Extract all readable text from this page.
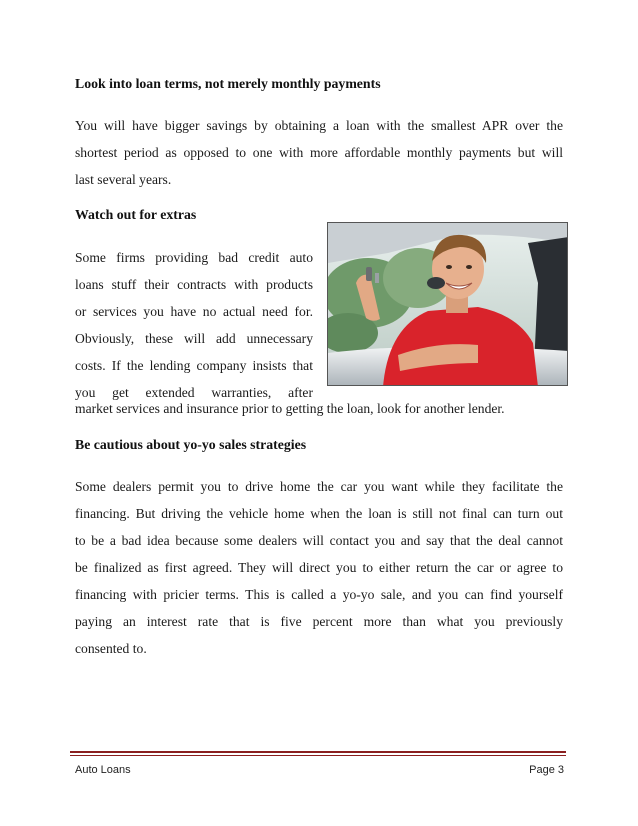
Look into loan terms, not merely monthly payments
You will have bigger savings by obtaining a loan with the smallest APR over the
shortest period as opposed to one with more affordable monthly payments but will
last several years.
Watch out for extras
Some firms providing bad credit auto
loans stuff their contracts with products
or services you have no actual need for.
Obviously, these will add unnecessary
costs. If the lending company insists that
you get extended warranties, after
market services and insurance prior to getting the loan, look for another lender.
Be cautious about yo-yo sales strategies
Some dealers permit you to drive home the car you want while they facilitate the
financing. But driving the vehicle home when the loan is still not final can turn out
to be a bad idea because some dealers will contact you and say that the deal cannot
be finalized as first agreed. They will direct you to either return the car or agree to
financing with pricier terms. This is called a yo-yo sale, and you can find yourself
paying an interest rate that is five percent more than what you previously
consented to.
Auto Loans	Page 3
